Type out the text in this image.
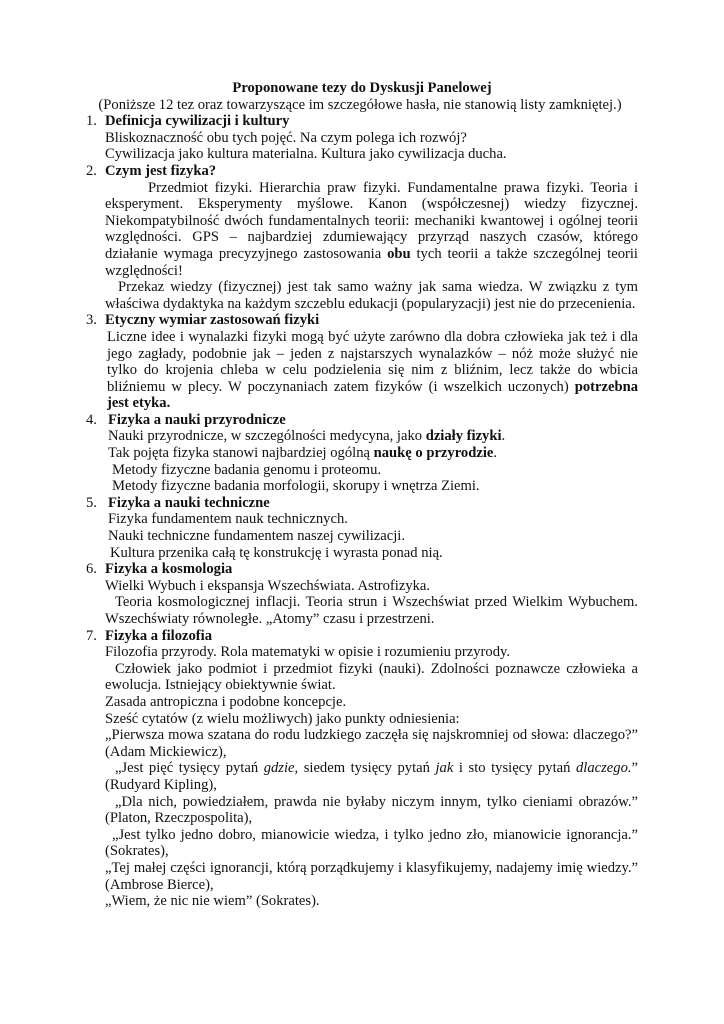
Proponowane tezy do Dyskusji Panelowej
(Poniższe 12 tez oraz towarzyszące im szczegółowe hasła, nie stanowią listy zamkniętej.)
1. Definicja cywilizacji i kultury

Bliskoznaczność obu tych pojęć. Na czym polega ich rozwój?

Cywilizacja jako kultura materialna. Kultura jako cywilizacja ducha.

2. Czym jest fizyka?

Przedmiot fizyki. Hierarchia praw fizyki. Fundamentalne prawa fizyki. Teoria i eksperyment. Eksperymenty myślowe. Kanon (współczesnej) wiedzy fizycznej. Niekompatybilność dwóch fundamentalnych teorii: mechaniki kwantowej i ogólnej teorii względności. GPS – najbardziej zdumiewający przyrząd naszych czasów, którego działanie wymaga precyzyjnego zastosowania obu tych teorii a także szczególnej teorii względności!

Przekaz wiedzy (fizycznej) jest tak samo ważny jak sama wiedza. W związku z tym właściwa dydaktyka na każdym szczeblu edukacji (popularyzacji) jest nie do przecenienia.

3. Etyczny wymiar zastosowań fizyki

Liczne idee i wynalazki fizyki mogą być użyte zarówno dla dobra człowieka jak też i dla jego zagłady, podobnie jak – jeden z najstarszych wynalazków – nóż może służyć nie tylko do krojenia chleba w celu podzielenia się nim z bliźnim, lecz także do wbicia bliźniemu w plecy. W poczynaniach zatem fizyków (i wszelkich uczonych) potrzebna jest etyka.

4. Fizyka a nauki przyrodnicze

Nauki przyrodnicze, w szczególności medycyna, jako działy fizyki.

Tak pojęta fizyka stanowi najbardziej ogólną naukę o przyrodzie.

Metody fizyczne badania genomu i proteomu.

Metody fizyczne badania morfologii, skorupy i wnętrza Ziemi.

5. Fizyka a nauki techniczne

Fizyka fundamentem nauk technicznych.

Nauki techniczne fundamentem naszej cywilizacji.

Kultura przenika całą tę konstrukcję i wyrasta ponad nią.

6. Fizyka a kosmologia

Wielki Wybuch i ekspansja Wszechświata. Astrofizyka.

Teoria kosmologicznej inflacji. Teoria strun i Wszechświat przed Wielkim Wybuchem.

Wszechświaty równoległe. „Atomy” czasu i przestrzeni.

7. Fizyka a filozofia

Filozofia przyrody. Rola matematyki w opisie i rozumieniu przyrody.

Człowiek jako podmiot i przedmiot fizyki (nauki). Zdolności poznawcze człowieka a ewolucja. Istniejący obiektywnie świat.

Zasada antropiczna i podobne koncepcje.

Sześć cytatów (z wielu możliwych) jako punkty odniesienia:

„Pierwsza mowa szatana do rodu ludzkiego zaczęła się najskromniej od słowa: dlaczego?”

(Adam Mickiewicz),

„Jest pięć tysięcy pytań gdzie, siedem tysięcy pytań jak i sto tysięcy pytań dlaczego.”

(Rudyard Kipling),

„Dla nich, powiedziałem, prawda nie byłaby niczym innym, tylko cieniami obrazów.”

(Platon, Rzeczpospolita),

„Jest tylko jedno dobro, mianowicie wiedza, i tylko jedno zło, mianowicie ignorancja.”

(Sokrates),

„Tej małej części ignorancji, którą porządkujemy i klasyfikujemy, nadajemy imię wiedzy.”

(Ambrose Bierce),

„Wiem, że nic nie wiem” (Sokrates).
